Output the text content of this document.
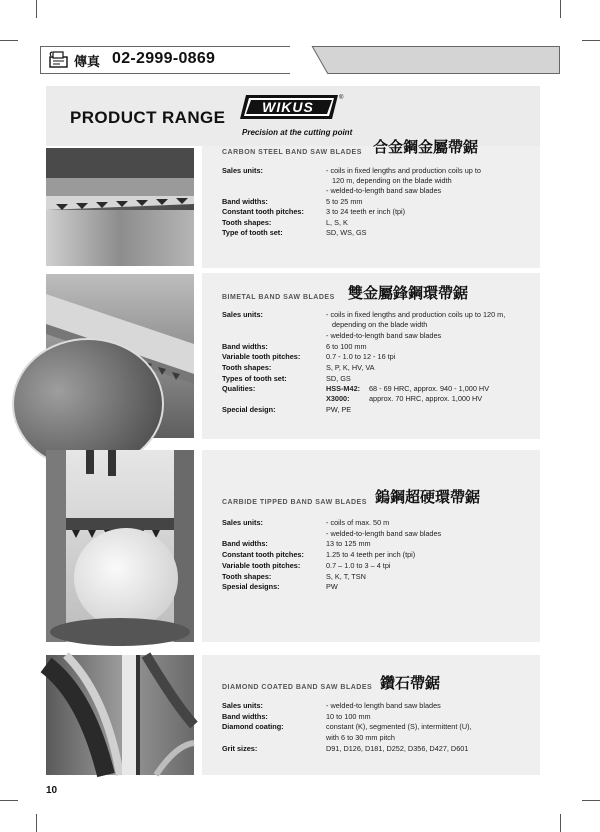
傳真 02-2999-0869
PRODUCT RANGE
WIKUS
®
Precision at the cutting point
CARBON STEEL BAND SAW BLADES 合金鋼金屬帶鋸
Sales units:	- coils in fixed lengths and production coils up to
120 m, depending on the blade width
- welded-to-length band saw blades
Band widths:	5 to 25 mm
Constant tooth pitches:	3 to 24 teeth er inch (tpi)
Tooth shapes:	L, S, K
Type of tooth set:	SD, WS, GS
BIMETAL BAND SAW BLADES 雙金屬鋒鋼環帶鋸
Sales units:	- coils in fixed lengths and production coils up to 120 m,
depending on the blade width
- welded-to-length band saw blades
Band widths:	6 to 100 mm
Variable tooth pitches:	0.7 - 1.0 to 12 - 16 tpi
Tooth shapes:	S, P, K, HV, VA
Types of tooth set:	SD, GS
Qualities:	HSS-M42: 68 - 69 HRC, approx. 940 - 1,000 HV
X3000:	approx. 70 HRC, approx. 1,000 HV
Special design:	PW, PE
CARBIDE TIPPED BAND SAW BLADES 鎢鋼超硬環帶鋸
Sales units:	- coils of max. 50 m
- welded-to-length band saw blades
Band widths:	13 to 125 mm
Constant tooth pitches:	1.25 to 4 teeth per inch (tpi)
Variable tooth pitches:	0.7 – 1.0 to 3 – 4 tpi
Tooth shapes:	S, K, T, TSN
Spesial designs:	PW
DIAMOND COATED BAND SAW BLADES 鑽石帶鋸
Sales units:	- welded-to length band saw blades
Band widths:	10 to 100 mm
Diamond coating:	constant (K), segmented (S), intermittent (U),
with 6 to 30 mm pitch
Grit sizes:	D91, D126, D181, D252, D356, D427, D601
10
